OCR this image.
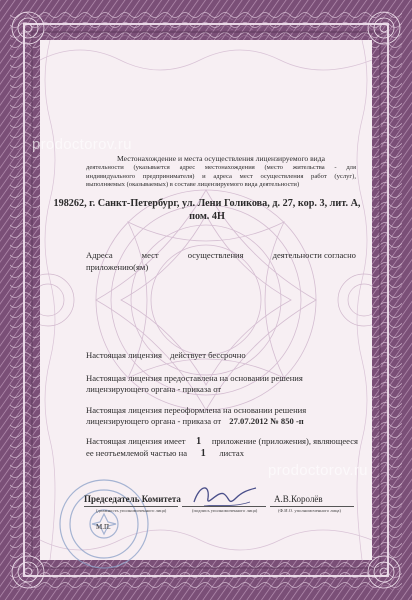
prodoctorov.ru
prodoctorov.ru
Местонахождение и места осуществления лицензируемого вида
деятельности (указывается адрес местонахождения (место жительства - для
индивидуального предпринимателя) и адреса мест осуществления работ (услуг),
выполняемых (оказываемых) в составе лицензируемого вида деятельности)
198262, г. Санкт-Петербург, ул. Лени Голикова, д. 27, кор. 3, лит. А,
пом. 4Н
Адреса	мест	осуществления	деятельности согласно
приложению(ям)
Настоящая лицензия действует бессрочно
Настоящая лицензия предоставлена на основании решения
лицензирующего органа - приказа от
Настоящая лицензия переоформлена на основании решения
лицензирующего органа - приказа от 27.07.2012 № 850 -п
Настоящая лицензия имеет 1 приложение (приложения), являющееся
ее неотъемлемой частью на 1 листах
Председатель Комитета
(должность уполномоченного лица)	(подпись уполномоченного лица)
А.В.Королёв
(Ф.И.О. уполномоченного лица)
М.П.
